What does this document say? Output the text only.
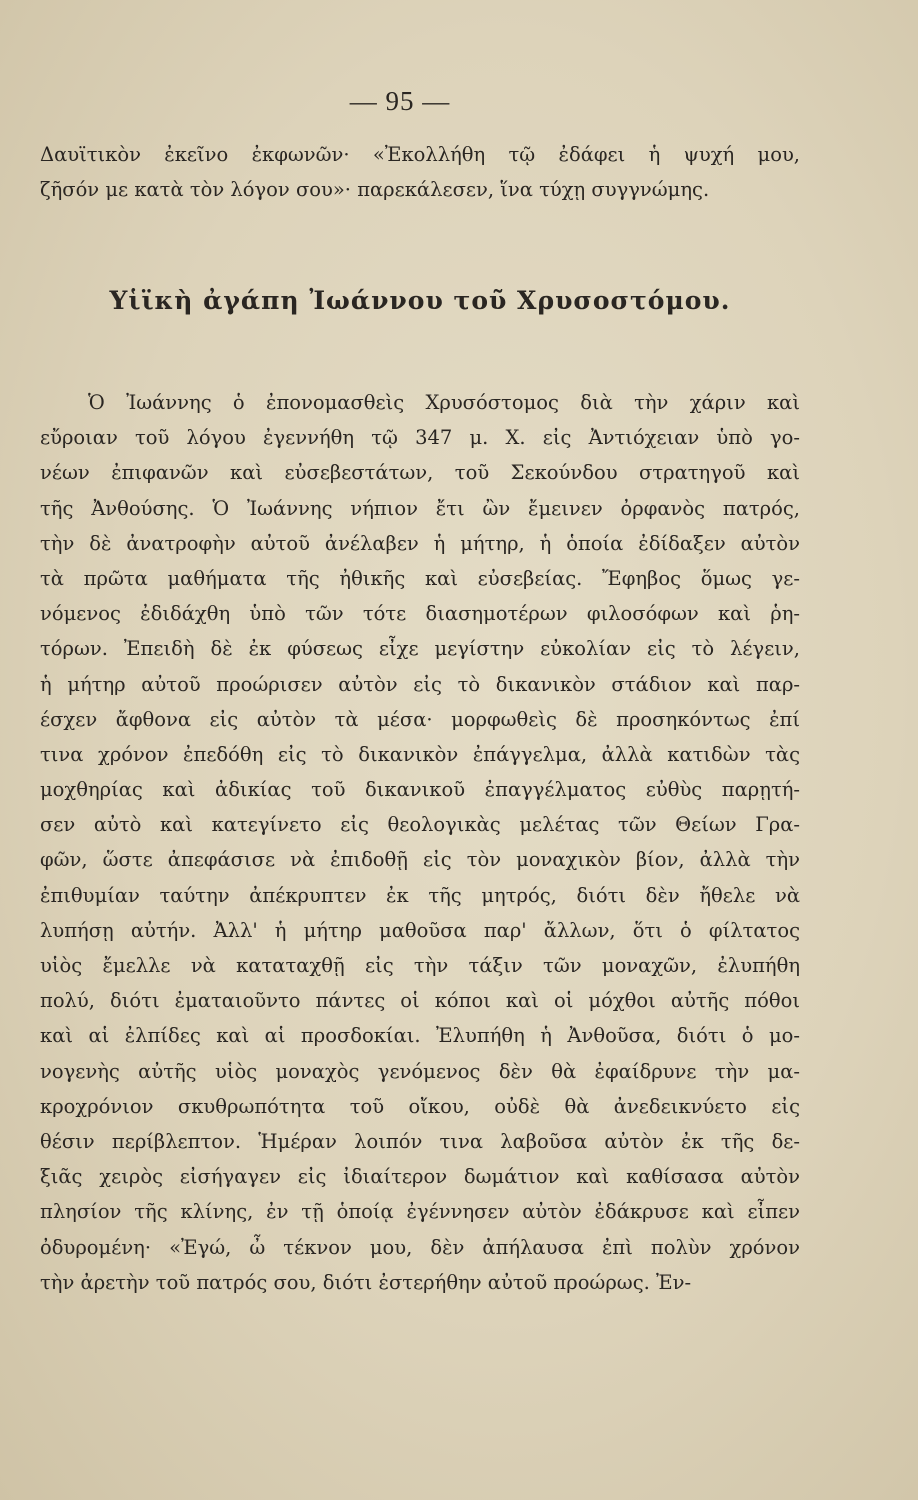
— 95 —
Δαυϊτικὸν ἐκεῖνο ἐκφωνῶν· «Ἐκολλήθη τῷ ἐδάφει ἡ ψυχή μου,
ζῆσόν με κατὰ τὸν λόγον σου»· παρεκάλεσεν, ἵνα τύχῃ συγγνώμης.
Υἱϊκὴ ἀγάπη Ἰωάννου τοῦ Χρυσοστόμου.
Ὁ Ἰωάννης ὁ ἐπονομασθεὶς Χρυσόστομος διὰ τὴν χάριν καὶ
εὔροιαν τοῦ λόγου ἐγεννήθη τῷ 347 μ. Χ. εἰς Ἀντιόχειαν ὑπὸ γο-
νέων ἐπιφανῶν καὶ εὐσεβεστάτων, τοῦ Σεκούνδου στρατηγοῦ καὶ
τῆς Ἀνθούσης. Ὁ Ἰωάννης νήπιον ἔτι ὢν ἔμεινεν ὀρφανὸς πατρός,
τὴν δὲ ἀνατροφὴν αὐτοῦ ἀνέλαβεν ἡ μήτηρ, ἡ ὁποία ἐδίδαξεν αὐτὸν
τὰ πρῶτα μαθήματα τῆς ἠθικῆς καὶ εὐσεβείας. Ἔφηβος ὅμως γε-
νόμενος ἐδιδάχθη ὑπὸ τῶν τότε διασημοτέρων φιλοσόφων καὶ ῥη-
τόρων. Ἐπειδὴ δὲ ἐκ φύσεως εἶχε μεγίστην εὐκολίαν εἰς τὸ λέγειν,
ἡ μήτηρ αὐτοῦ προώρισεν αὐτὸν εἰς τὸ δικανικὸν στάδιον καὶ παρ-
έσχεν ἄφθονα εἰς αὐτὸν τὰ μέσα· μορφωθεὶς δὲ προσηκόντως ἐπί
τινα χρόνον ἐπεδόθη εἰς τὸ δικανικὸν ἐπάγγελμα, ἀλλὰ κατιδὼν τὰς
μοχθηρίας καὶ ἀδικίας τοῦ δικανικοῦ ἐπαγγέλματος εὐθὺς παρῃτή-
σεν αὐτὸ καὶ κατεγίνετο εἰς θεολογικὰς μελέτας τῶν Θείων Γρα-
φῶν, ὥστε ἀπεφάσισε νὰ ἐπιδοθῇ εἰς τὸν μοναχικὸν βίον, ἀλλὰ τὴν
ἐπιθυμίαν ταύτην ἀπέκρυπτεν ἐκ τῆς μητρός, διότι δὲν ἤθελε νὰ
λυπήσῃ αὐτήν. Ἀλλ' ἡ μήτηρ μαθοῦσα παρ' ἄλλων, ὅτι ὁ φίλτατος
υἱὸς ἔμελλε νὰ καταταχθῇ εἰς τὴν τάξιν τῶν μοναχῶν, ἐλυπήθη
πολύ, διότι ἐματαιοῦντο πάντες οἱ κόποι καὶ οἱ μόχθοι αὐτῆς πόθοι
καὶ αἱ ἐλπίδες καὶ αἱ προσδοκίαι. Ἐλυπήθη ἡ Ἀνθοῦσα, διότι ὁ μο-
νογενὴς αὐτῆς υἱὸς μοναχὸς γενόμενος δὲν θὰ ἐφαίδρυνε τὴν μα-
κροχρόνιον σκυθρωπότητα τοῦ οἴκου, οὐδὲ θὰ ἀνεδεικνύετο εἰς
θέσιν περίβλεπτον. Ἡμέραν λοιπόν τινα λαβοῦσα αὐτὸν ἐκ τῆς δε-
ξιᾶς χειρὸς εἰσήγαγεν εἰς ἰδιαίτερον δωμάτιον καὶ καθίσασα αὐτὸν
πλησίον τῆς κλίνης, ἐν τῇ ὁποίᾳ ἐγέννησεν αὐτὸν ἐδάκρυσε καὶ εἶπεν
ὀδυρομένη· «Ἐγώ, ὦ τέκνον μου, δὲν ἀπήλαυσα ἐπὶ πολὺν χρόνον
τὴν ἀρετὴν τοῦ πατρός σου, διότι ἐστερήθην αὐτοῦ προώρως. Ἐν-
